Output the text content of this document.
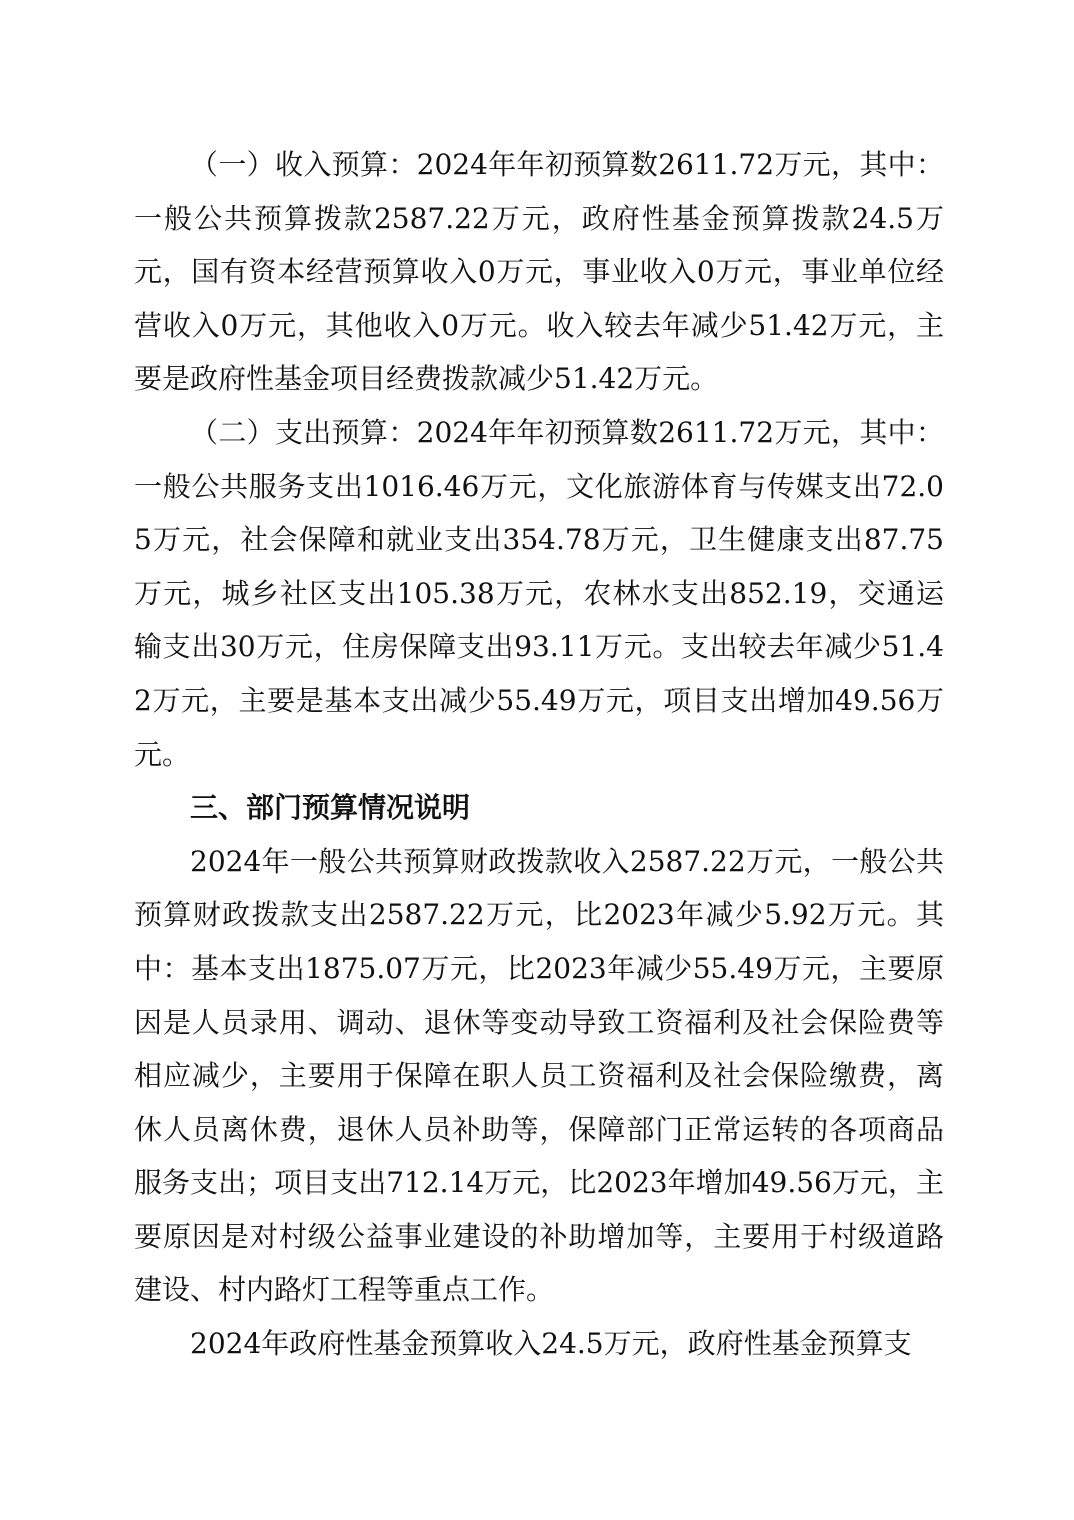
（一）收入预算：2024年年初预算数2611.72万元，其中：一般公共预算拨款2587.22万元，政府性基金预算拨款24.5万元，国有资本经营预算收入0万元，事业收入0万元，事业单位经营收入0万元，其他收入0万元。收入较去年减少51.42万元，主要是政府性基金项目经费拨款减少51.42万元。

（二）支出预算：2024年年初预算数2611.72万元，其中：一般公共服务支出1016.46万元，文化旅游体育与传媒支出72.05万元，社会保障和就业支出354.78万元，卫生健康支出87.75万元，城乡社区支出105.38万元，农林水支出852.19，交通运输支出30万元，住房保障支出93.11万元。支出较去年减少51.42万元，主要是基本支出减少55.49万元，项目支出增加49.56万元。

三、部门预算情况说明

2024年一般公共预算财政拨款收入2587.22万元，一般公共预算财政拨款支出2587.22万元，比2023年减少5.92万元。其中：基本支出1875.07万元，比2023年减少55.49万元，主要原因是人员录用、调动、退休等变动导致工资福利及社会保险费等相应减少，主要用于保障在职人员工资福利及社会保险缴费，离休人员离休费，退休人员补助等，保障部门正常运转的各项商品服务支出；项目支出712.14万元，比2023年增加49.56万元，主要原因是对村级公益事业建设的补助增加等，主要用于村级道路建设、村内路灯工程等重点工作。

2024年政府性基金预算收入24.5万元，政府性基金预算支
